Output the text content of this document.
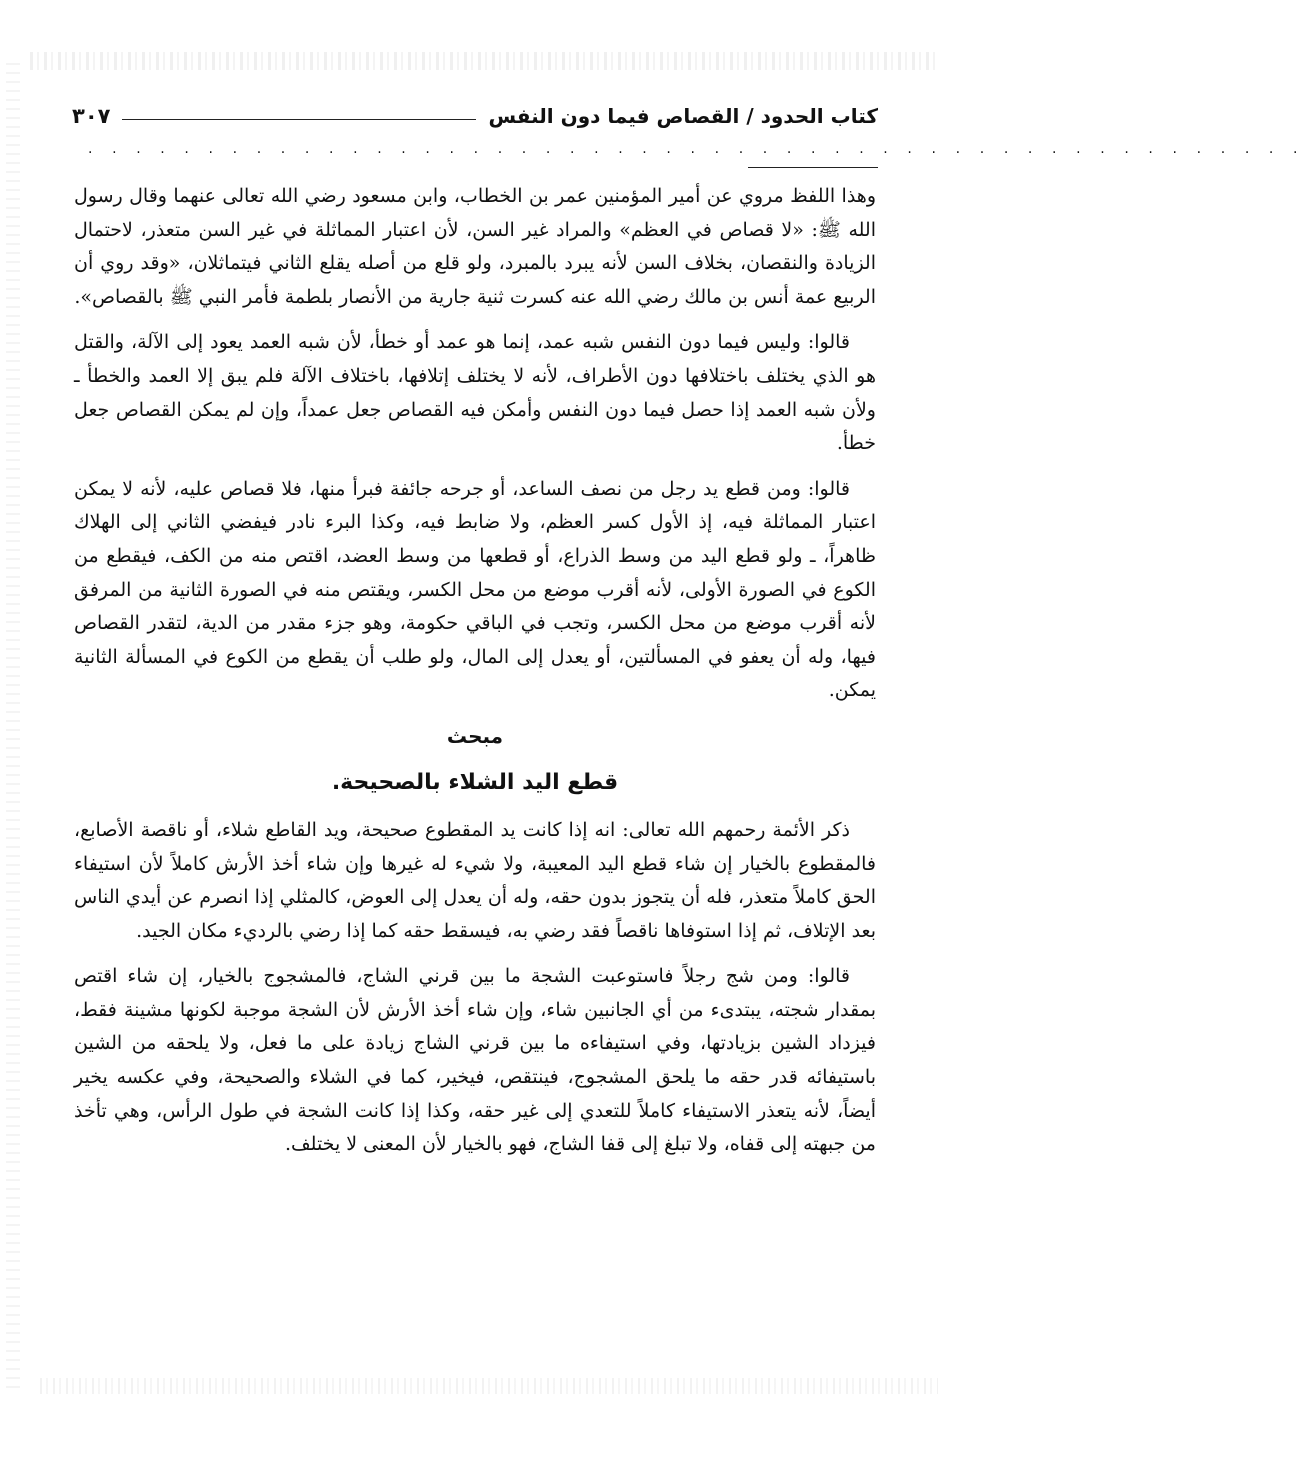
كتاب الحدود / القصاص فيما دون النفس
٣٠٧
. . . . . . . . . . . . . . . . . . . . . . . . . . . . . . . . . . . . . . . . . . . . . . . . . . .

وهذا اللفظ مروي عن أمير المؤمنين عمر بن الخطاب، وابن مسعود رضي الله تعالى عنهما وقال رسول الله ﷺ: «لا قصاص في العظم» والمراد غير السن، لأن اعتبار المماثلة في غير السن متعذر، لاحتمال الزيادة والنقصان، بخلاف السن لأنه يبرد بالمبرد، ولو قلع من أصله يقلع الثاني فيتماثلان، «وقد روي أن الربيع عمة أنس بن مالك رضي الله عنه كسرت ثنية جارية من الأنصار بلطمة فأمر النبي ﷺ بالقصاص».

قالوا: وليس فيما دون النفس شبه عمد، إنما هو عمد أو خطأ، لأن شبه العمد يعود إلى الآلة، والقتل هو الذي يختلف باختلافها دون الأطراف، لأنه لا يختلف إتلافها، باختلاف الآلة فلم يبق إلا العمد والخطأ ـ ولأن شبه العمد إذا حصل فيما دون النفس وأمكن فيه القصاص جعل عمداً، وإن لم يمكن القصاص جعل خطأ.

قالوا: ومن قطع يد رجل من نصف الساعد، أو جرحه جائفة فبرأ منها، فلا قصاص عليه، لأنه لا يمكن اعتبار المماثلة فيه، إذ الأول كسر العظم، ولا ضابط فيه، وكذا البرء نادر فيفضي الثاني إلى الهلاك ظاهراً، ـ ولو قطع اليد من وسط الذراع، أو قطعها من وسط العضد، اقتص منه من الكف، فيقطع من الكوع في الصورة الأولى، لأنه أقرب موضع من محل الكسر، ويقتص منه في الصورة الثانية من المرفق لأنه أقرب موضع من محل الكسر، وتجب في الباقي حكومة، وهو جزء مقدر من الدية، لتقدر القصاص فيها، وله أن يعفو في المسألتين، أو يعدل إلى المال، ولو طلب أن يقطع من الكوع في المسألة الثانية يمكن.

مبحث

قطع اليد الشلاء بالصحيحة.

ذكر الأئمة رحمهم الله تعالى: انه إذا كانت يد المقطوع صحيحة، ويد القاطع شلاء، أو ناقصة الأصابع، فالمقطوع بالخيار إن شاء قطع اليد المعيبة، ولا شيء له غيرها وإن شاء أخذ الأرش كاملاً لأن استيفاء الحق كاملاً متعذر، فله أن يتجوز بدون حقه، وله أن يعدل إلى العوض، كالمثلي إذا انصرم عن أيدي الناس بعد الإتلاف، ثم إذا استوفاها ناقصاً فقد رضي به، فيسقط حقه كما إذا رضي بالرديء مكان الجيد.

قالوا: ومن شج رجلاً فاستوعبت الشجة ما بين قرني الشاج، فالمشجوج بالخيار، إن شاء اقتص بمقدار شجته، يبتدىء من أي الجانبين شاء، وإن شاء أخذ الأرش لأن الشجة موجبة لكونها مشينة فقط، فيزداد الشين بزيادتها، وفي استيفاءه ما بين قرني الشاج زيادة على ما فعل، ولا يلحقه من الشين باستيفائه قدر حقه ما يلحق المشجوج، فينتقص، فيخير، كما في الشلاء والصحيحة، وفي عكسه يخير أيضاً، لأنه يتعذر الاستيفاء كاملاً للتعدي إلى غير حقه، وكذا إذا كانت الشجة في طول الرأس، وهي تأخذ من جبهته إلى قفاه، ولا تبلغ إلى قفا الشاج، فهو بالخيار لأن المعنى لا يختلف.
